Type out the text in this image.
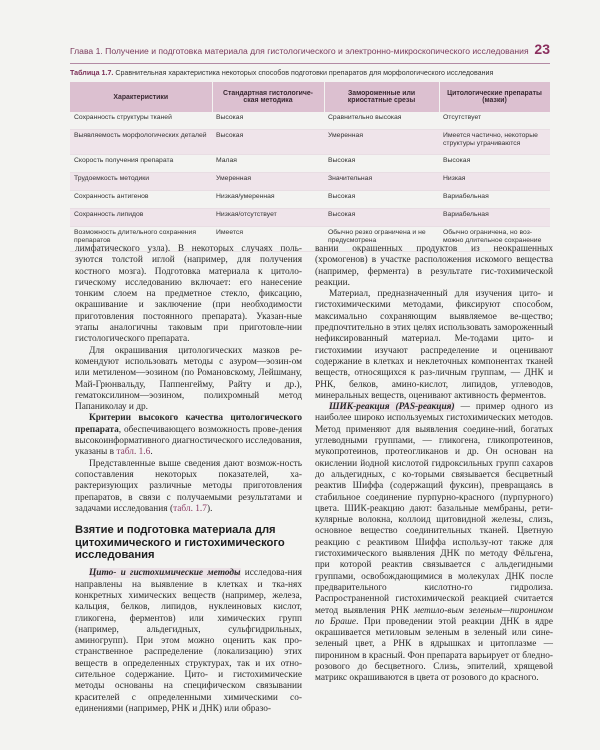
Глава 1. Получение и подготовка материала для гистологического и электронно-микроскопического исследования 23
Таблица 1.7. Сравнительная характеристика некоторых способов подготовки препаратов для морфологического исследования
Характеристики	Стандартная гистологиче-ская методика	Замороженные или криостатные срезы	Цитологические препараты (мазки)
Сохранность структуры тканей	Высокая	Сравнительно высокая	Отсутствует
Выявляемость морфологических деталей	Высокая	Умеренная	Имеется частично, некоторые структуры утрачиваются
Скорость получения препарата	Малая	Высокая	Высокая
Трудоемкость методики	Умеренная	Значительная	Низкая
Сохранность антигенов	Низкая/умеренная	Высокая	Вариабельная
Сохранность липидов	Низкая/отсутствует	Высокая	Вариабельная
Возможность длительного сохранения препаратов	Имеется	Обычно резко ограничена и не предусмотрена	Обычно ограничена, но воз-можно длительное сохранение

лимфатического узла). В некоторых случаях поль-зуются толстой иглой (например, для получения костного мозга). Подготовка материала к цитоло-гическому исследованию включает: его нанесение тонким слоем на предметное стекло, фиксацию, окрашивание и заключение (при необходимости приготовления постоянного препарата). Указан-ные этапы аналогичны таковым при приготовле-нии гистологического препарата.

Для окрашивания цитологических мазков ре-комендуют использовать методы с азуром—эозин-ом или метиленом—эозином (по Романовскому, Лейшману, Май-Грюнвальду, Паппенгейму, Райту и др.), гематоксилином—эозином, полихромный метод Папаниколау и др.

Критерии высокого качества цитологического препарата, обеспечивающего возможность прове-дения высокоинформативного диагностического исследования, указаны в табл. 1.6.

Представленные выше сведения дают возмож-ность сопоставления некоторых показателей, ха-рактеризующих различные методы приготовления препаратов, в связи с получаемыми результатами и задачами исследования (табл. 1.7).

Взятие и подготовка материала для цитохимического и гистохимического исследования

Цито- и гистохимические методы исследова-ния направлены на выявление в клетках и тка-нях конкретных химических веществ (например, железа, кальция, белков, липидов, нуклеиновых кислот, гликогена, ферментов) или химических групп (например, альдегидных, сульфгидрильных, аминогрупп). При этом можно оценить как про-странственное распределение (локализацию) этих веществ в определенных структурах, так и их отно-сительное содержание. Цито- и гистохимические методы основаны на специфическом связывании красителей с определенными химическими со-единениями (например, РНК и ДНК) или образо-

вании окрашенных продуктов из неокрашенных (хромогенов) в участке расположения искомого вещества (например, фермента) в результате гис-тохимической реакции.

Материал, предназначенный для изучения цито- и гистохимическими методами, фиксируют способом, максимально сохраняющим выявляемое ве-щество; предпочтительно в этих целях использовать замороженный нефиксированный материал. Ме-тодами цито- и гистохимии изучают распределение и оценивают содержание в клетках и неклеточных компонентах тканей веществ, относящихся к раз-личным группам, — ДНК и РНК, белков, амино-кислот, липидов, углеводов, минеральных веществ, оценивают активность ферментов.

ШИК-реакция (PAS-реакция) — пример одного из наиболее широко используемых гистохимических методов. Метод применяют для выявления соедине-ний, богатых углеводными группами, — гликогена, гликопротеинов, мукопротеинов, протеогликанов и др. Он основан на окислении йодной кислотой гидроксильных групп сахаров до альдегидных, с ко-торыми связывается бесцветный реактив Шиффа (содержащий фуксин), превращаясь в стабильное соединение пурпурно-красного (пурпурного) цвета. ШИК-реакцию дают: базальные мембраны, рети-кулярные волокна, коллоид щитовидной железы, слизь, основное вещество соединительных тканей. Цветную реакцию с реактивом Шиффа использу-ют также для гистохимического выявления ДНК по методу Фёльгена, при которой реактив связывается с альдегидными группами, освобождающимися в молекулах ДНК после предварительного кислотно-го гидролиза. Распространенной гистохимической реакцией считается метод выявления РНК метило-вым зеленым—пиронином по Браше. При проведении этой реакции ДНК в ядре окрашивается метиловым зеленым в зеленый или сине-зеленый цвет, а РНК в ядрышках и цитоплазме — пиронином в красный. Фон препарата варьирует от бледно-розового до бесцветного. Слизь, эпителий, хрящевой матрикс окрашиваются в цвета от розового до красного.
